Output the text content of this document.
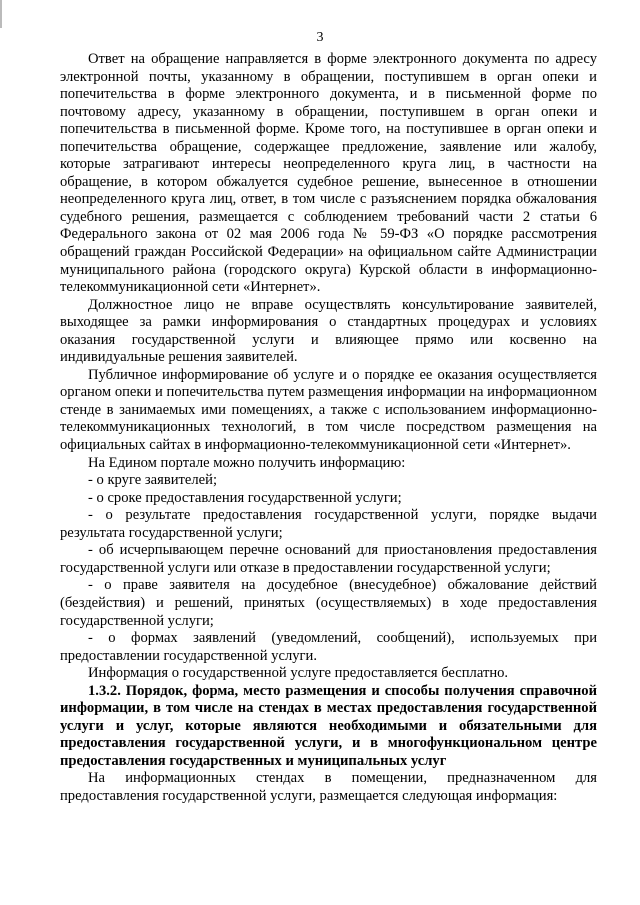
3

Ответ на обращение направляется в форме электронного документа по адресу электронной почты, указанному в обращении, поступившем в орган опеки и попечительства в форме электронного документа, и в письменной форме по почтовому адресу, указанному в обращении, поступившем в орган опеки и попечительства в письменной форме. Кроме того, на поступившее в орган опеки и попечительства обращение, содержащее предложение, заявление или жалобу, которые затрагивают интересы неопределенного круга лиц, в частности на обращение, в котором обжалуется судебное решение, вынесенное в отношении неопределенного круга лиц, ответ, в том числе с разъяснением порядка обжалования судебного решения, размещается с соблюдением требований части 2 статьи 6 Федерального закона от 02 мая 2006 года № 59-ФЗ «О порядке рассмотрения обращений граждан Российской Федерации» на официальном сайте Администрации муниципального района (городского округа) Курской области в информационно-телекоммуникационной сети «Интернет».

Должностное лицо не вправе осуществлять консультирование заявителей, выходящее за рамки информирования о стандартных процедурах и условиях оказания государственной услуги и влияющее прямо или косвенно на индивидуальные решения заявителей.

Публичное информирование об услуге и о порядке ее оказания осуществляется органом опеки и попечительства путем размещения информации на информационном стенде в занимаемых ими помещениях, а также с использованием информационно-телекоммуникационных технологий, в том числе посредством размещения на официальных сайтах в информационно-телекоммуникационной сети «Интернет».

На Едином портале можно получить информацию:

- о круге заявителей;

- о сроке предоставления государственной услуги;

- о результате предоставления государственной услуги, порядке выдачи результата государственной услуги;

- об исчерпывающем перечне оснований для приостановления предоставления государственной услуги или отказе в предоставлении государственной услуги;

- о праве заявителя на досудебное (внесудебное) обжалование действий (бездействия) и решений, принятых (осуществляемых) в ходе предоставления государственной услуги;

- о формах заявлений (уведомлений, сообщений), используемых при предоставлении государственной услуги.

Информация о государственной услуге предоставляется бесплатно.

1.3.2. Порядок, форма, место размещения и способы получения справочной информации, в том числе на стендах в местах предоставления государственной услуги и услуг, которые являются необходимыми и обязательными для предоставления государственной услуги, и в многофункциональном центре предоставления государственных и муниципальных услуг

На информационных стендах в помещении, предназначенном для предоставления государственной услуги, размещается следующая информация:
